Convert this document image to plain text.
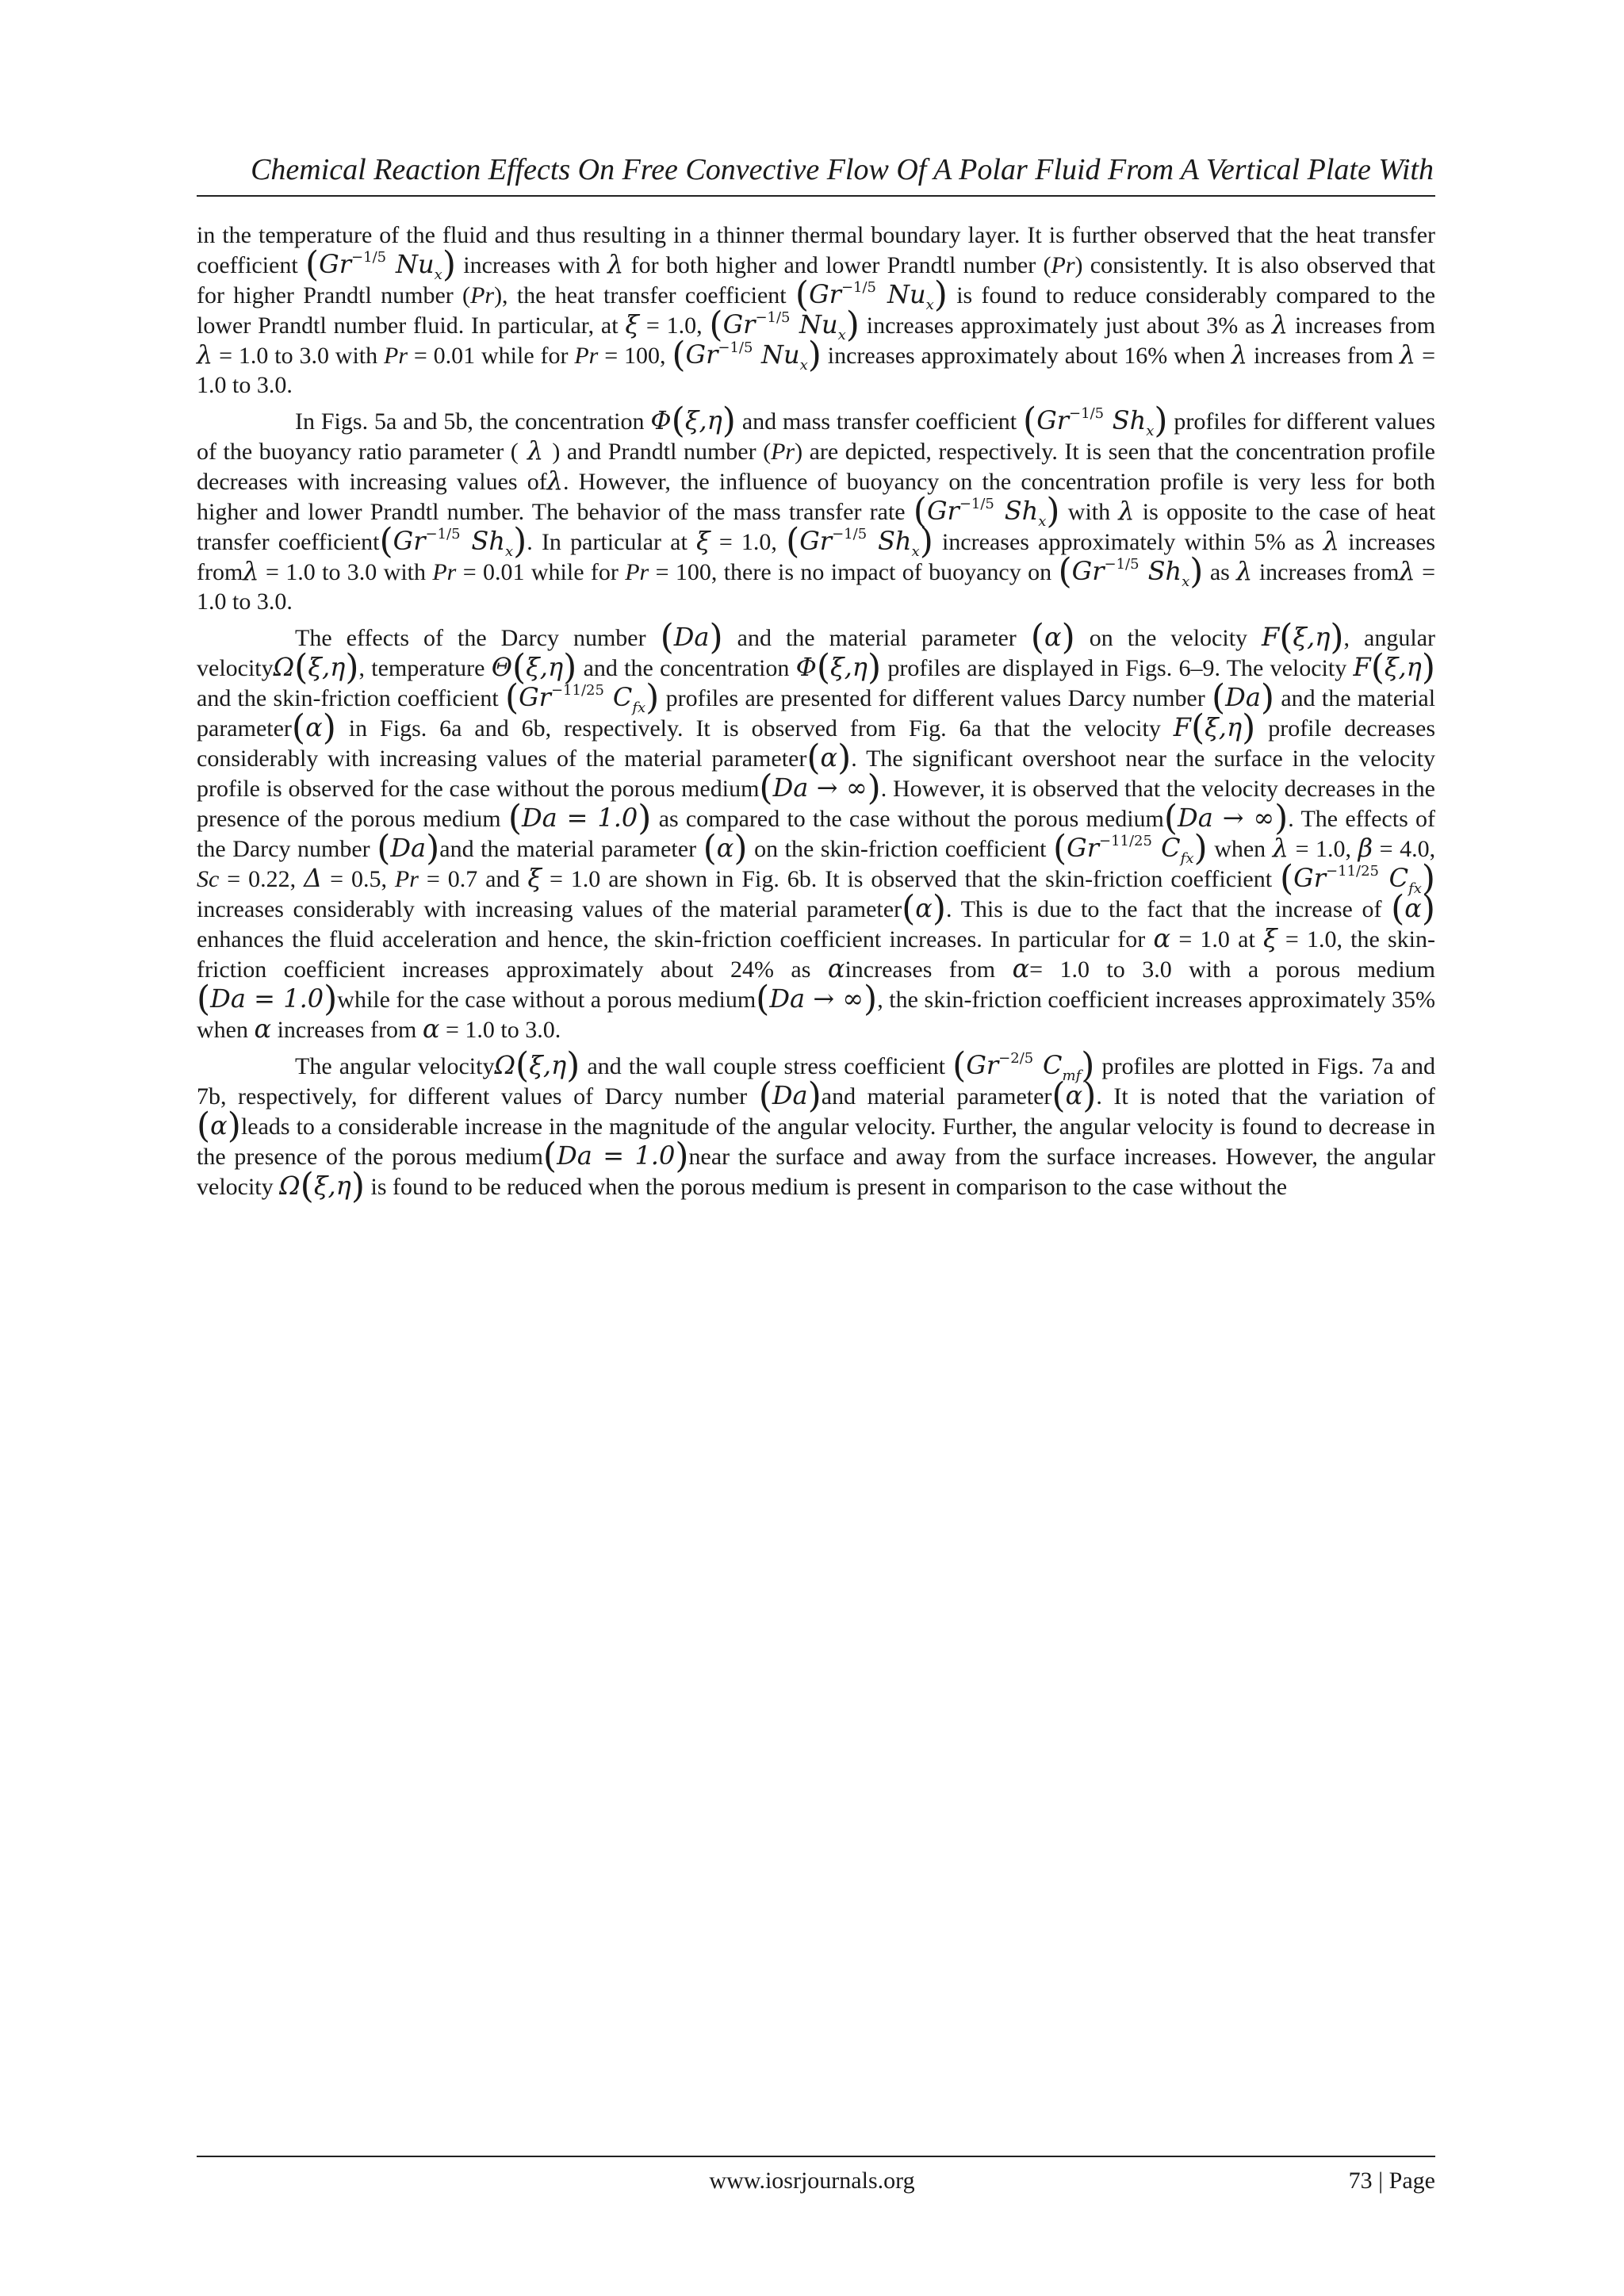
Chemical Reaction Effects On Free Convective Flow Of A Polar Fluid From A Vertical Plate With

in the temperature of the fluid and thus resulting in a thinner thermal boundary layer. It is further observed that the heat transfer coefficient ($Gr^{-1/5}$ $Nu_x$) increases with λ for both higher and lower Prandtl number (Pr) consistently. It is also observed that for higher Prandtl number (Pr), the heat transfer coefficient ($Gr^{-1/5}$ $Nu_x$) is found to reduce considerably compared to the lower Prandtl number fluid. In particular, at ξ = 1.0, ($Gr^{-1/5}$ $Nu_x$) increases approximately just about 3% as λ increases from λ = 1.0 to 3.0 with Pr = 0.01 while for Pr = 100, ($Gr^{-1/5}$ $Nu_x$) increases approximately about 16% when λ increases from λ = 1.0 to 3.0.

In Figs. 5a and 5b, the concentration Φ(ξ,η) and mass transfer coefficient ($Gr^{-1/5}$ $Sh_x$) profiles for different values of the buoyancy ratio parameter ( λ ) and Prandtl number (Pr) are depicted, respectively. It is seen that the concentration profile decreases with increasing values ofλ. However, the influence of buoyancy on the concentration profile is very less for both higher and lower Prandtl number. The behavior of the mass transfer rate ($Gr^{-1/5}$ $Sh_x$) with λ is opposite to the case of heat transfer $coefficient(Gr^{-1/5}$ $Sh_x$). In particular at ξ = 1.0, ($Gr^{-1/5}$ $Sh_x$) increases approximately within 5% as λ increases fromλ = 1.0 to 3.0 with Pr = 0.01 while for Pr = 100, there is no impact of buoyancy on ($Gr^{-1/5}$ $Sh_x$) as λ increases fromλ = 1.0 to 3.0.

The effects of the Darcy number (Da) and the material parameter (α) on the velocity F(ξ,η), angular velocityΩ(ξ,η), temperature Θ(ξ,η) and the concentration Φ(ξ,η) profiles are displayed in Figs. 6–9. The velocity F(ξ,η) and the skin-friction coefficient ($Gr^{-11/25}$ $C_{fx}$) profiles are presented for different values Darcy number (Da) and the material parameter(α) in Figs. 6a and 6b, respectively. It is observed from Fig. 6a that the velocity F(ξ,η) profile decreases considerably with increasing values of the material parameter(α). The significant overshoot near the surface in the velocity profile is observed for the case without the porous medium(Da → ∞). However, it is observed that the velocity decreases in the presence of the porous medium (Da = 1.0) as compared to the case without the porous medium(Da → ∞). The effects of the Darcy number (Da)and the material parameter (α) on the skin-friction coefficient ($Gr^{-11/25}$ $C_{fx}$) when λ = 1.0, β = 4.0, Sc = 0.22, Δ = 0.5, Pr = 0.7 and ξ = 1.0 are shown in Fig. 6b. It is observed that the skin-friction coefficient ($Gr^{-11/25}$ $C_{fx}$) increases considerably with increasing values of the material parameter(α). This is due to the fact that the increase of (α) enhances the fluid acceleration and hence, the skin-friction coefficient increases. In particular for α = 1.0 at ξ = 1.0, the skin-friction coefficient increases approximately about 24% as αincreases from α= 1.0 to 3.0 with a porous medium (Da = 1.0)while for the case without a porous medium(Da → ∞), the skin-friction coefficient increases approximately 35% when α increases from α = 1.0 to 3.0.

The angular velocityΩ(ξ,η) and the wall couple stress coefficient ($Gr^{-2/5}$ $C_{mf}$) profiles are plotted in Figs. 7a and 7b, respectively, for different values of Darcy number (Da)and material parameter(α). It is noted that the variation of (α)leads to a considerable increase in the magnitude of the angular velocity. Further, the angular velocity is found to decrease in the presence of the porous medium(Da = 1.0)near the surface and away from the surface increases. However, the angular velocity Ω(ξ,η) is found to be reduced when the porous medium is present in comparison to the case without the

www.iosrjournals.org	73 | Page
